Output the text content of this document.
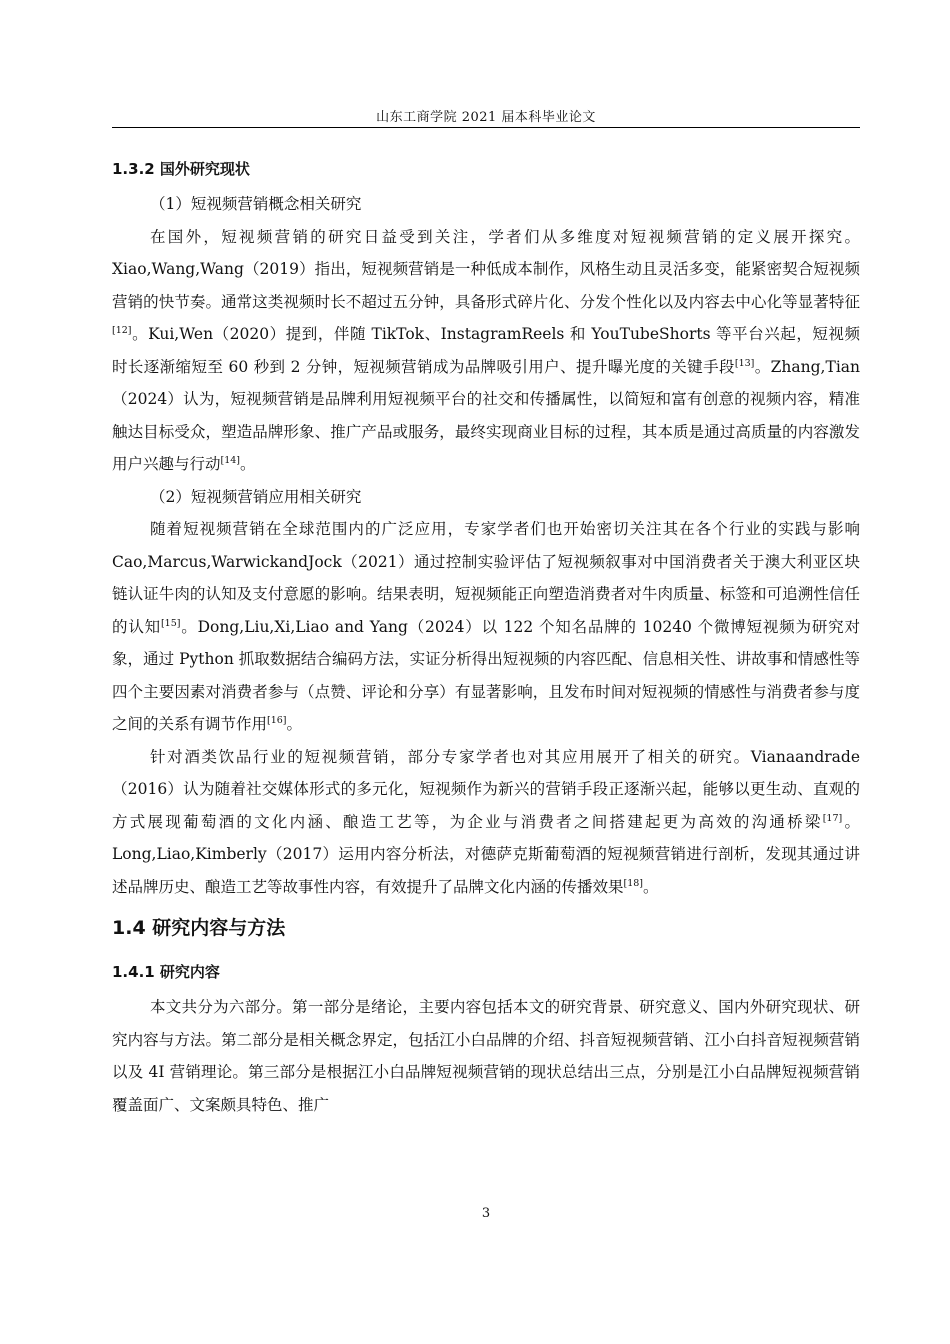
山东工商学院 2021 届本科毕业论文
1.3.2 国外研究现状

（1）短视频营销概念相关研究

在国外，短视频营销的研究日益受到关注，学者们从多维度对短视频营销的定义展开探究。Xiao,Wang,Wang（2019）指出，短视频营销是一种低成本制作，风格生动且灵活多变，能紧密契合短视频营销的快节奏。通常这类视频时长不超过五分钟，具备形式碎片化、分发个性化以及内容去中心化等显著特征[12]。Kui,Wen（2020）提到，伴随 TikTok、InstagramReels 和 YouTubeShorts 等平台兴起，短视频时长逐渐缩短至 60 秒到 2 分钟，短视频营销成为品牌吸引用户、提升曝光度的关键手段[13]。Zhang,Tian（2024）认为，短视频营销是品牌利用短视频平台的社交和传播属性，以简短和富有创意的视频内容，精准触达目标受众，塑造品牌形象、推广产品或服务，最终实现商业目标的过程，其本质是通过高质量的内容激发用户兴趣与行动[14]。

（2）短视频营销应用相关研究

随着短视频营销在全球范围内的广泛应用，专家学者们也开始密切关注其在各个行业的实践与影响 Cao,Marcus,WarwickandJock（2021）通过控制实验评估了短视频叙事对中国消费者关于澳大利亚区块链认证牛肉的认知及支付意愿的影响。结果表明，短视频能正向塑造消费者对牛肉质量、标签和可追溯性信任的认知[15]。Dong,Liu,Xi,Liao and Yang（2024）以 122 个知名品牌的 10240 个微博短视频为研究对象，通过 Python 抓取数据结合编码方法，实证分析得出短视频的内容匹配、信息相关性、讲故事和情感性等四个主要因素对消费者参与（点赞、评论和分享）有显著影响，且发布时间对短视频的情感性与消费者参与度之间的关系有调节作用[16]。

针对酒类饮品行业的短视频营销，部分专家学者也对其应用展开了相关的研究。Vianaandrade（2016）认为随着社交媒体形式的多元化，短视频作为新兴的营销手段正逐渐兴起，能够以更生动、直观的方式展现葡萄酒的文化内涵、酿造工艺等，为企业与消费者之间搭建起更为高效的沟通桥梁[17]。Long,Liao,Kimberly（2017）运用内容分析法，对德萨克斯葡萄酒的短视频营销进行剖析，发现其通过讲述品牌历史、酿造工艺等故事性内容，有效提升了品牌文化内涵的传播效果[18]。

1.4 研究内容与方法
1.4.1 研究内容

本文共分为六部分。第一部分是绪论，主要内容包括本文的研究背景、研究意义、国内外研究现状、研究内容与方法。第二部分是相关概念界定，包括江小白品牌的介绍、抖音短视频营销、江小白抖音短视频营销以及 4I 营销理论。第三部分是根据江小白品牌短视频营销的现状总结出三点，分别是江小白品牌短视频营销覆盖面广、文案颇具特色、推广

3
